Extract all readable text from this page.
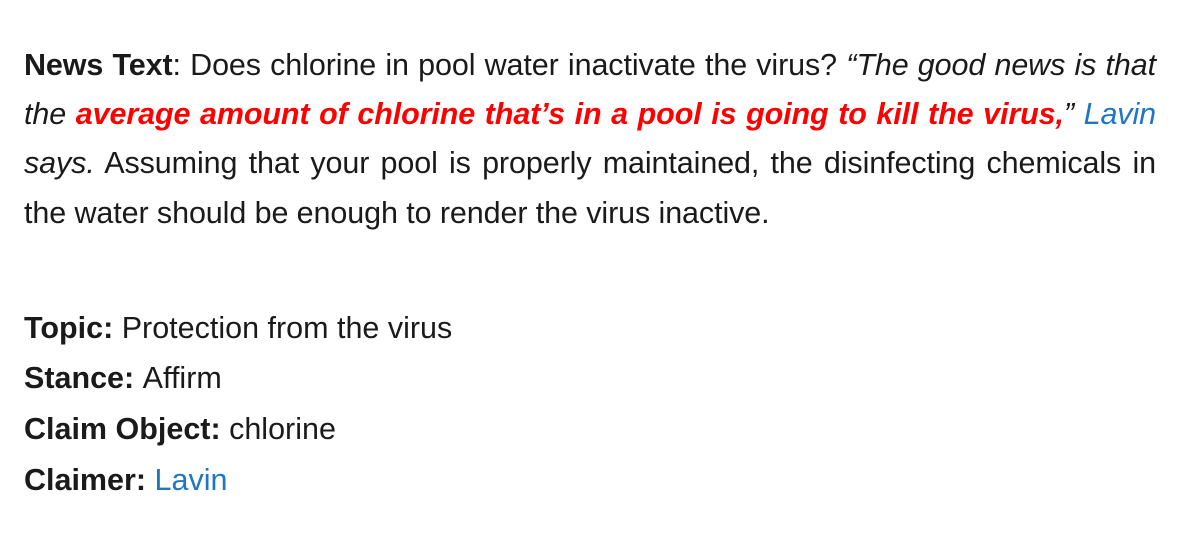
News Text: Does chlorine in pool water inactivate the virus? “The good news is that the average amount of chlorine that’s in a pool is going to kill the virus,” Lavin says. Assuming that your pool is properly maintained, the disinfecting chemicals in the water should be enough to render the virus inactive.

Topic: Protection from the virus
Stance: Affirm
Claim Object: chlorine
Claimer: Lavin
